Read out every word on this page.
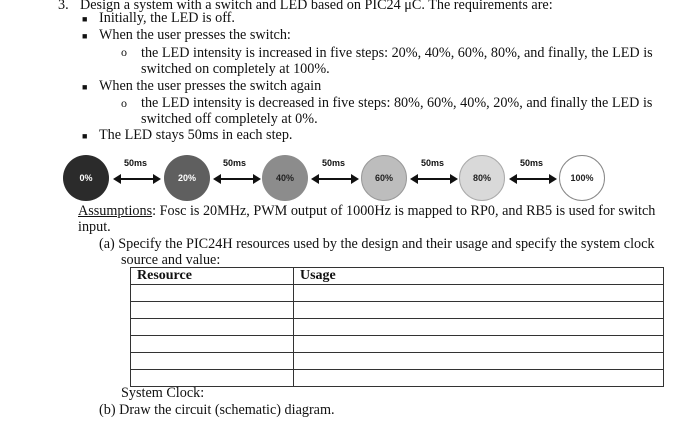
3. Design a system with a switch and LED based on PIC24 μC. The requirements are:
■ Initially, the LED is off.
■ When the user presses the switch:
o the LED intensity is increased in five steps: 20%, 40%, 60%, 80%, and finally, the LED is
switched on completely at 100%.
■ When the user presses the switch again
o the LED intensity is decreased in five steps: 80%, 60%, 40%, 20%, and finally the LED is
switched off completely at 0%.
■ The LED stays 50ms in each step.
0%	20%	40%	60%	80%	100%
50ms	50ms	50ms	50ms	50ms
Assumptions: Fosc is 20MHz, PWM output of 1000Hz is mapped to RP0, and RB5 is used for switch
input.
(a) Specify the PIC24H resources used by the design and their usage and specify the system clock
source and value:
Resource	Usage

System Clock:
(b) Draw the circuit (schematic) diagram.
